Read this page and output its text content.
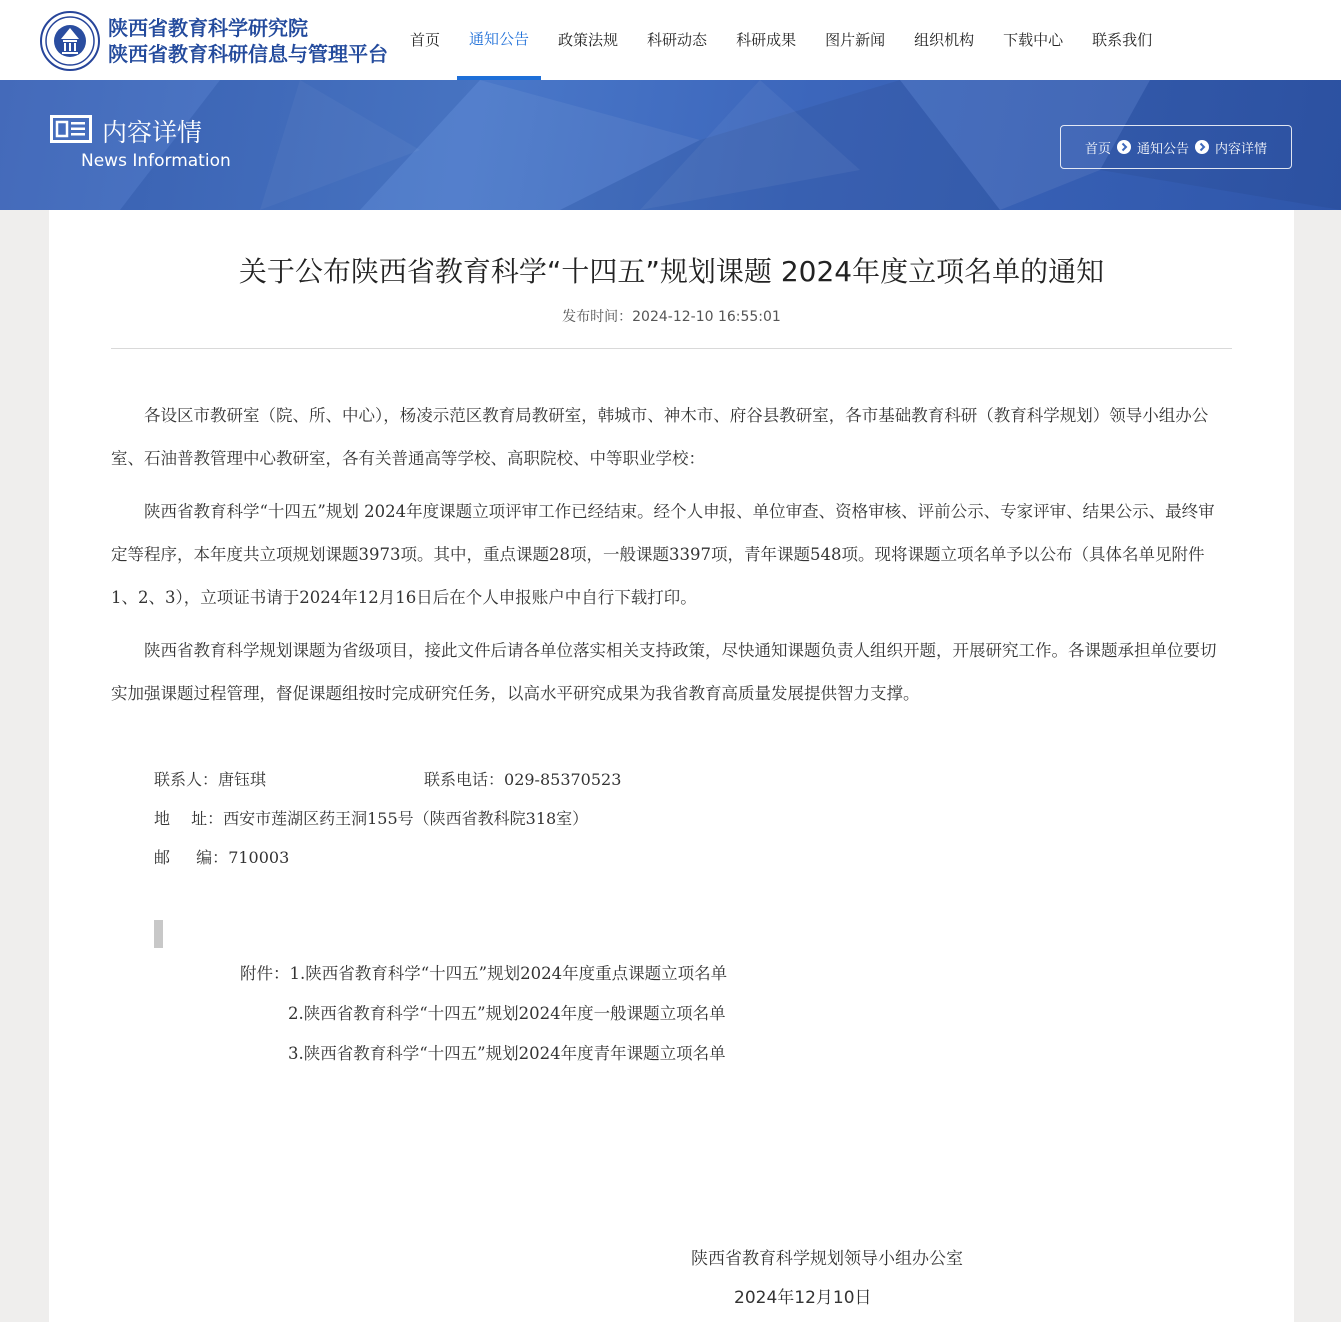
陕西省教育科学研究院
陕西省教育科研信息与管理平台
首页	通知公告	政策法规	科研动态	科研成果	图片新闻	组织机构	下载中心	联系我们
内容详情
News Information
首页 通知公告 内容详情
关于公布陕西省教育科学“十四五”规划课题 2024年度立项名单的通知
发布时间：2024-12-10 16:55:01

各设区市教研室（院、所、中心），杨凌示范区教育局教研室，韩城市、神木市、府谷县教研室，各市基础教育科研（教育科学规划）领导小组办公室、石油普教管理中心教研室，各有关普通高等学校、高职院校、中等职业学校：

陕西省教育科学“十四五”规划 2024年度课题立项评审工作已经结束。经个人申报、单位审查、资格审核、评前公示、专家评审、结果公示、最终审定等程序，本年度共立项规划课题3973项。其中，重点课题28项，一般课题3397项，青年课题548项。现将课题立项名单予以公布（具体名单见附件1、2、3），立项证书请于2024年12月16日后在个人申报账户中自行下载打印。

陕西省教育科学规划课题为省级项目，接此文件后请各单位落实相关支持政策，尽快通知课题负责人组织开题，开展研究工作。各课题承担单位要切实加强课题过程管理，督促课题组按时完成研究任务，以高水平研究成果为我省教育高质量发展提供智力支撑。

联系人：唐钰琪	联系电话：029-85370523
地　 址：西安市莲湖区药王洞155号（陕西省教科院318室）
邮　  编：710003
附件：1.陕西省教育科学“十四五”规划2024年度重点课题立项名单
2.陕西省教育科学“十四五”规划2024年度一般课题立项名单
3.陕西省教育科学“十四五”规划2024年度青年课题立项名单
陕西省教育科学规划领导小组办公室
2024年12月10日
